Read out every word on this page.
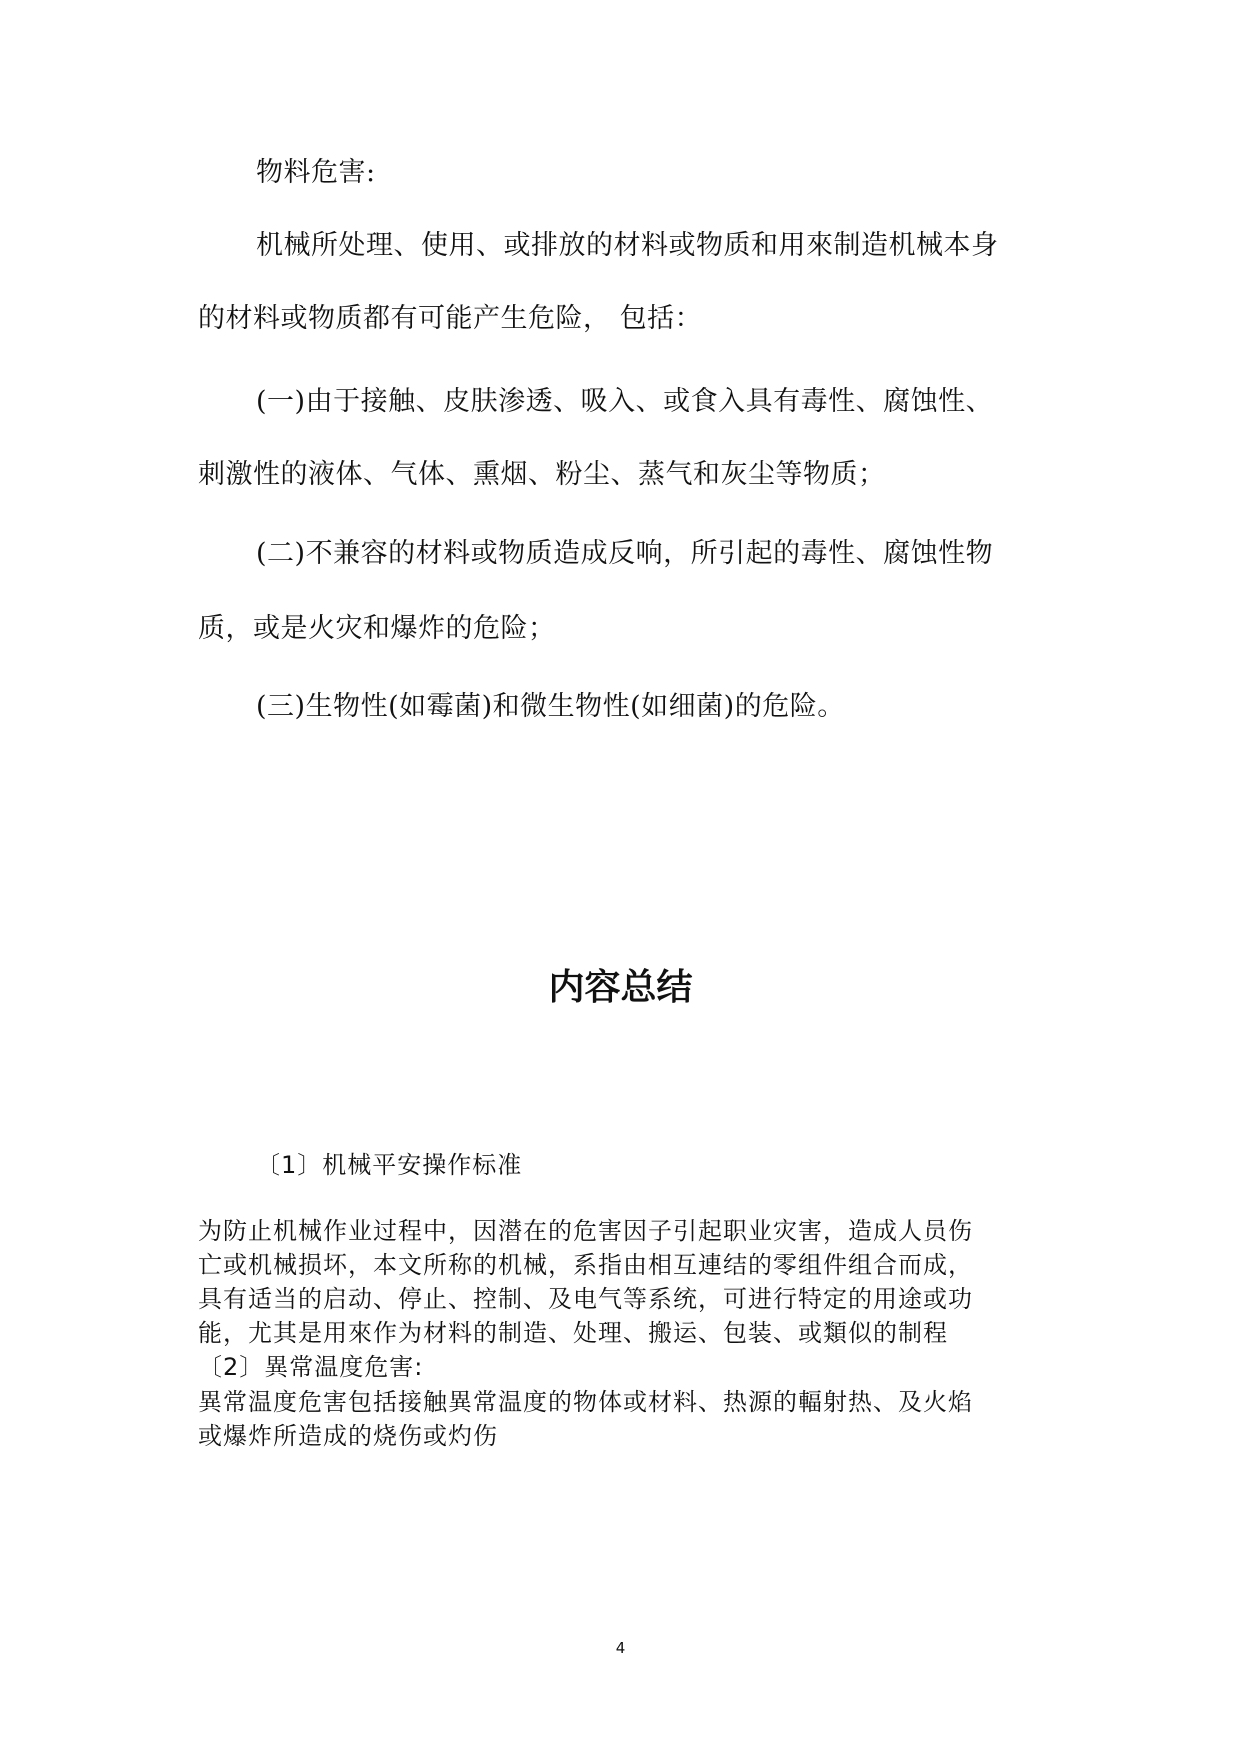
物料危害:

机械所处理、使用、或排放的材料或物质和用來制造机械本身

的材料或物质都有可能产生危险， 包括：

(一)由于接触、皮肤渗透、吸入、或食入具有毒性、腐蚀性、

刺激性的液体、气体、熏烟、粉尘、蒸气和灰尘等物质；

(二)不兼容的材料或物质造成反响，所引起的毒性、腐蚀性物

质，或是火灾和爆炸的危险；

(三)生物性(如霉菌)和微生物性(如细菌)的危险。

内容总结

〔1〕机械平安操作标准

为防止机械作业过程中，因潜在的危害因子引起职业灾害，造成人员伤

亡或机械损坏，本文所称的机械，系指由相互連结的零组件组合而成，

具有适当的启动、停止、控制、及电气等系统，可进行特定的用途或功

能，尤其是用來作为材料的制造、处理、搬运、包装、或類似的制程

〔2〕異常温度危害:

異常温度危害包括接触異常温度的物体或材料、热源的輻射热、及火焰

或爆炸所造成的烧伤或灼伤

4
